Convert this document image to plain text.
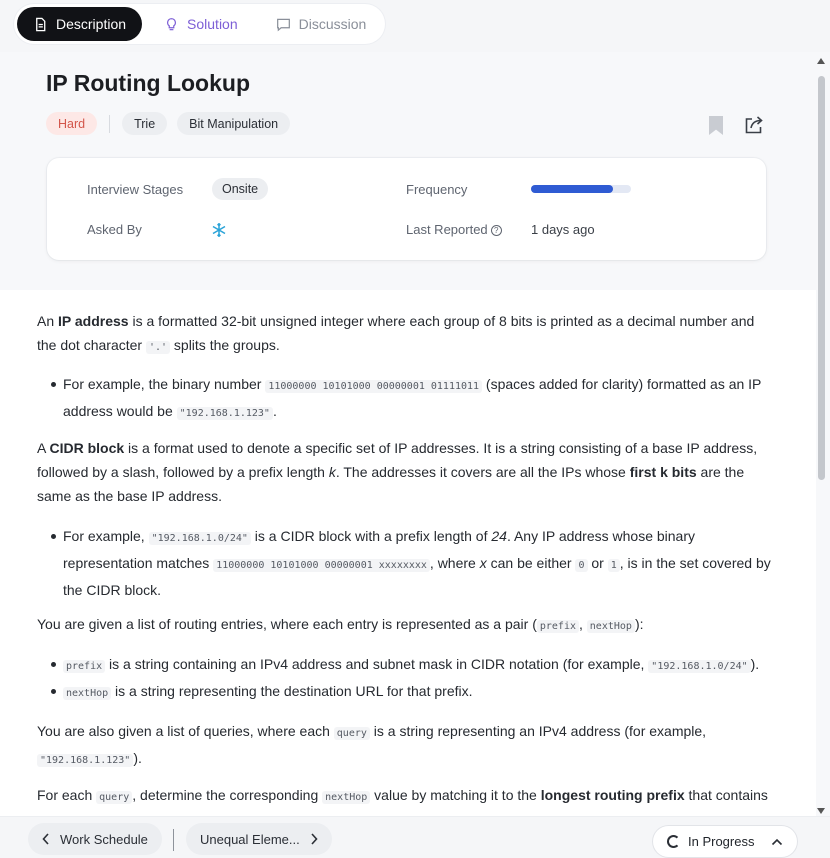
Description	Solution	Discussion
IP Routing Lookup
Hard	Trie	Bit Manipulation
Interview Stages	Onsite
Asked By
Frequency
Last Reported ?	1 days ago
An IP address is a formatted 32-bit unsigned integer where each group of 8 bits is printed as a decimal number and the dot character '.' splits the groups.
For example, the binary number 11000000 10101000 00000001 01111011 (spaces added for clarity) formatted as an IP address would be "192.168.1.123" .
A CIDR block is a format used to denote a specific set of IP addresses. It is a string consisting of a base IP address, followed by a slash, followed by a prefix length k. The addresses it covers are all the IPs whose first k bits are the same as the base IP address.
For example, "192.168.1.0/24" is a CIDR block with a prefix length of 24. Any IP address whose binary representation matches 11000000 10101000 00000001 xxxxxxxx , where x can be either 0 or 1 , is in the set covered by the CIDR block.
You are given a list of routing entries, where each entry is represented as a pair ( prefix , nextHop ):
prefix is a string containing an IPv4 address and subnet mask in CIDR notation (for example, "192.168.1.0/24" ).
nextHop is a string representing the destination URL for that prefix.
You are also given a list of queries, where each query is a string representing an IPv4 address (for example, "192.168.1.123" ).
For each query , determine the corresponding nextHop value by matching it to the longest routing prefix that contains
Work Schedule	Unequal Eleme...	In Progress
